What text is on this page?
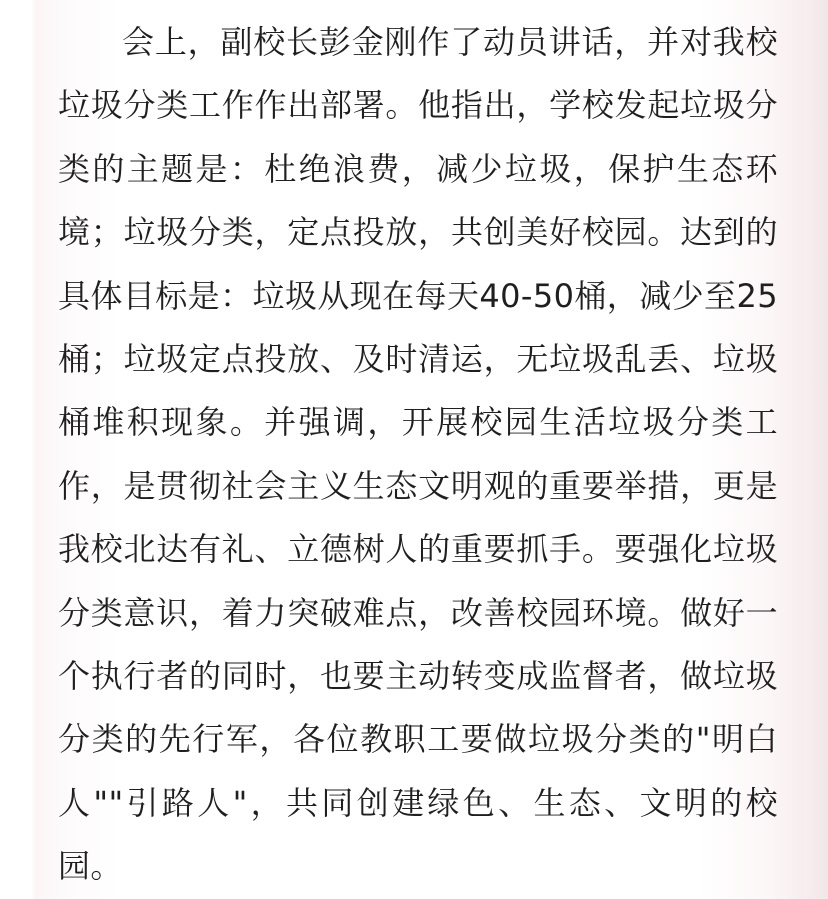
会上，副校长彭金刚作了动员讲话，并对我校垃圾分类工作作出部署。他指出，学校发起垃圾分类的主题是：杜绝浪费，减少垃圾，保护生态环境；垃圾分类，定点投放，共创美好校园。达到的具体目标是：垃圾从现在每天40-50桶，减少至25桶；垃圾定点投放、及时清运，无垃圾乱丢、垃圾桶堆积现象。并强调，开展校园生活垃圾分类工作，是贯彻社会主义生态文明观的重要举措，更是我校北达有礼、立德树人的重要抓手。要强化垃圾分类意识，着力突破难点，改善校园环境。做好一个执行者的同时，也要主动转变成监督者，做垃圾分类的先行军，各位教职工要做垃圾分类的"明白人""引路人"，共同创建绿色、生态、文明的校园。
